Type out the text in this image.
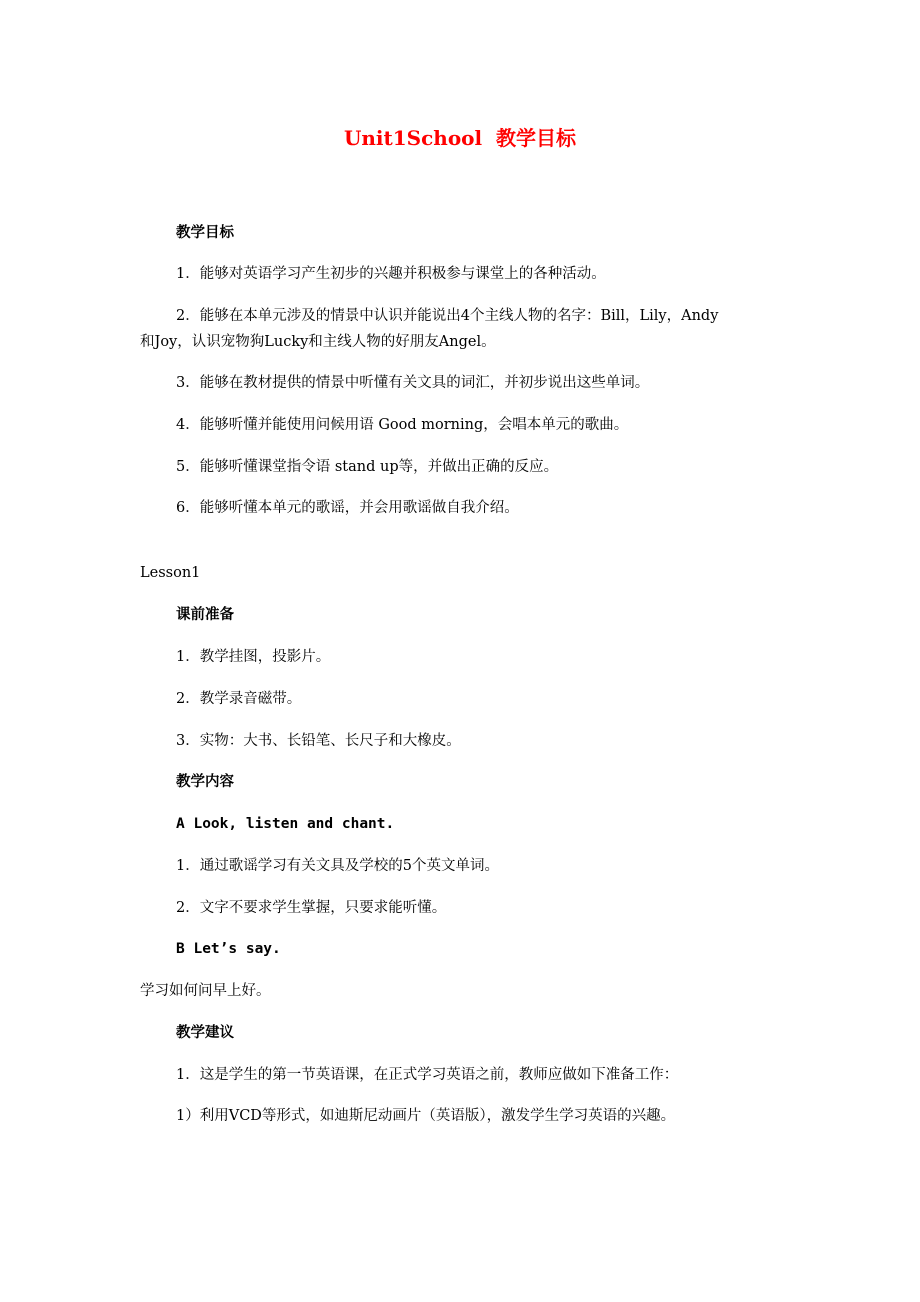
Unit1School  教学目标
教学目标
1．能够对英语学习产生初步的兴趣并积极参与课堂上的各种活动。
2．能够在本单元涉及的情景中认识并能说出4个主线人物的名字：Bill，Lily，Andy
和Joy，认识宠物狗Lucky和主线人物的好朋友Angel。
3．能够在教材提供的情景中听懂有关文具的词汇，并初步说出这些单词。
4．能够听懂并能使用问候用语 Good morning，会唱本单元的歌曲。
5．能够听懂课堂指令语 stand up等，并做出正确的反应。
6．能够听懂本单元的歌谣，并会用歌谣做自我介绍。
Lesson1
课前准备
1．教学挂图，投影片。
2．教学录音磁带。
3．实物：大书、长铅笔、长尺子和大橡皮。
教学内容
A Look, listen and chant.
1．通过歌谣学习有关文具及学校的5个英文单词。
2．文字不要求学生掌握，只要求能听懂。
B Let’s say.
学习如何问早上好。
教学建议
1．这是学生的第一节英语课，在正式学习英语之前，教师应做如下准备工作：
1）利用VCD等形式，如迪斯尼动画片（英语版），激发学生学习英语的兴趣。
